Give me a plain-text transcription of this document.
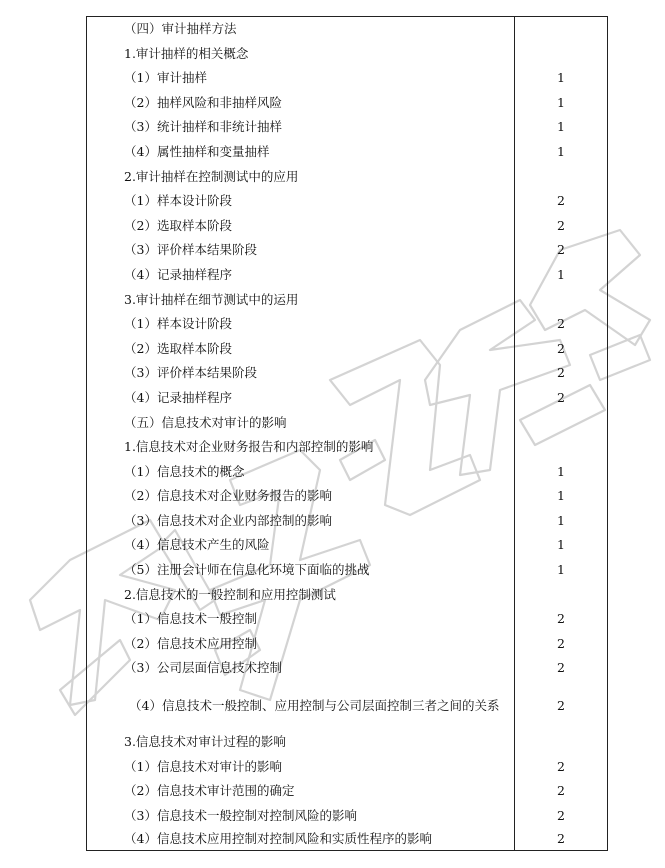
（四）审计抽样方法	
1.审计抽样的相关概念	
（1）审计抽样	1
（2）抽样风险和非抽样风险	1
（3）统计抽样和非统计抽样	1
（4）属性抽样和变量抽样	1
2.审计抽样在控制测试中的应用	
（1）样本设计阶段	2
（2）选取样本阶段	2
（3）评价样本结果阶段	2
（4）记录抽样程序	1
3.审计抽样在细节测试中的运用	
（1）样本设计阶段	2
（2）选取样本阶段	2
（3）评价样本结果阶段	2
（4）记录抽样程序	2
（五）信息技术对审计的影响	
1.信息技术对企业财务报告和内部控制的影响	
（1）信息技术的概念	1
（2）信息技术对企业财务报告的影响	1
（3）信息技术对企业内部控制的影响	1
（4）信息技术产生的风险	1
（5）注册会计师在信息化环境下面临的挑战	1
2.信息技术的一般控制和应用控制测试	
（1）信息技术一般控制	2
（2）信息技术应用控制	2
（3）公司层面信息技术控制	2
（4）信息技术一般控制、应用控制与公司层面控制三者之间的关系	2
3.信息技术对审计过程的影响	
（1）信息技术对审计的影响	2
（2）信息技术审计范围的确定	2
（3）信息技术一般控制对控制风险的影响	2
（4）信息技术应用控制对控制风险和实质性程序的影响	2
